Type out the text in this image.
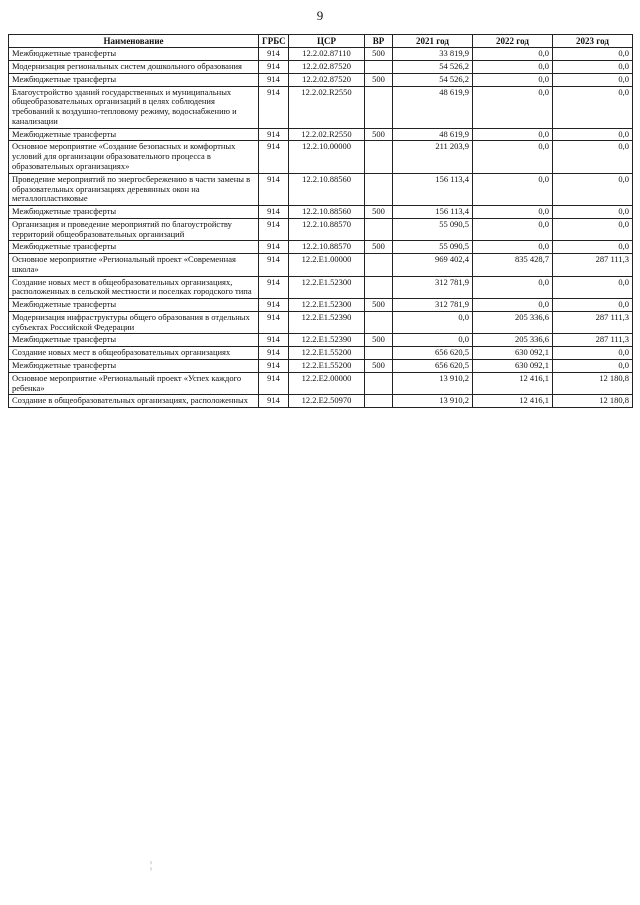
9
Наименование	ГРБС	ЦСР	ВР	2021 год	2022 год	2023 год
Межбюджетные трансферты	914	12.2.02.87110	500	33 819,9	0,0	0,0
Модернизация региональных систем дошкольного образования	914	12.2.02.87520		54 526,2	0,0	0,0
Межбюджетные трансферты	914	12.2.02.87520	500	54 526,2	0,0	0,0
Благоустройство зданий государственных и муниципальных общеобразовательных организаций в целях соблюдения требований к воздушно-тепловому режиму, водоснабжению и канализации	914	12.2.02.R2550		48 619,9	0,0	0,0
Межбюджетные трансферты	914	12.2.02.R2550	500	48 619,9	0,0	0,0
Основное мероприятие «Создание безопасных и комфортных условий для организации образовательного процесса в образовательных организациях»	914	12.2.10.00000		211 203,9	0,0	0,0
Проведение мероприятий по энергосбережению в части замены в образовательных организациях деревянных окон на металлопластиковые	914	12.2.10.88560		156 113,4	0,0	0,0
Межбюджетные трансферты	914	12.2.10.88560	500	156 113,4	0,0	0,0
Организация и проведение мероприятий по благоустройству территорий общеобразовательных организаций	914	12.2.10.88570		55 090,5	0,0	0,0
Межбюджетные трансферты	914	12.2.10.88570	500	55 090,5	0,0	0,0
Основное мероприятие «Региональный проект «Современная школа»	914	12.2.E1.00000		969 402,4	835 428,7	287 111,3
Создание новых мест в общеобразовательных организациях, расположенных в сельской местности и поселках городского типа	914	12.2.E1.52300		312 781,9	0,0	0,0
Межбюджетные трансферты	914	12.2.E1.52300	500	312 781,9	0,0	0,0
Модернизация инфраструктуры общего образования в отдельных субъектах Российской Федерации	914	12.2.E1.52390		0,0	205 336,6	287 111,3
Межбюджетные трансферты	914	12.2.E1.52390	500	0,0	205 336,6	287 111,3
Создание новых мест в общеобразовательных организациях	914	12.2.E1.55200		656 620,5	630 092,1	0,0
Межбюджетные трансферты	914	12.2.E1.55200	500	656 620,5	630 092,1	0,0
Основное мероприятие «Региональный проект «Успех каждого ребенка»	914	12.2.E2.00000		13 910,2	12 416,1	12 180,8
Создание в общеобразовательных организациях, расположенных	914	12.2.E2.50970		13 910,2	12 416,1	12 180,8
¦
